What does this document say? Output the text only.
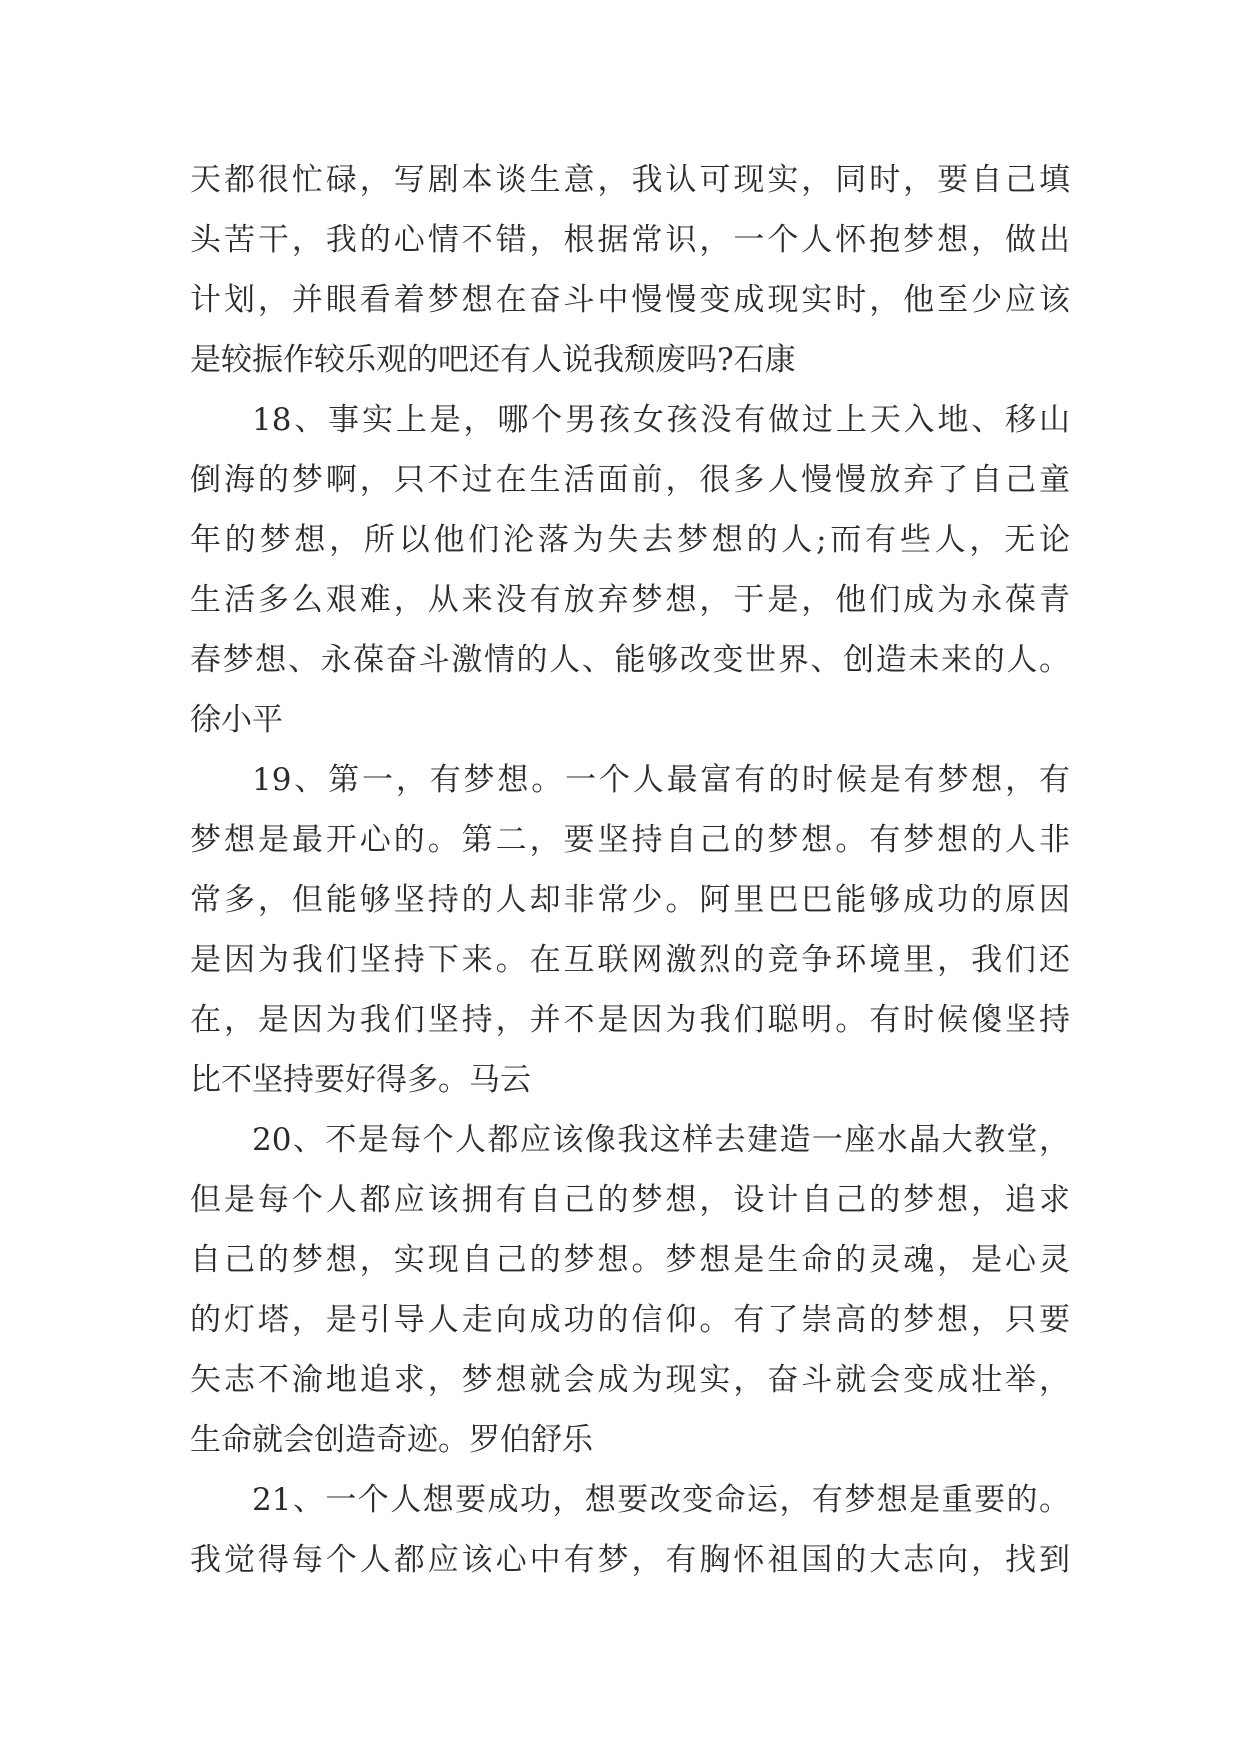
天都很忙碌，写剧本谈生意，我认可现实，同时，要自己填
头苦干，我的心情不错，根据常识，一个人怀抱梦想，做出
计划，并眼看着梦想在奋斗中慢慢变成现实时，他至少应该
是较振作较乐观的吧还有人说我颓废吗?石康
18、事实上是，哪个男孩女孩没有做过上天入地、移山
倒海的梦啊，只不过在生活面前，很多人慢慢放弃了自己童
年的梦想，所以他们沦落为失去梦想的人;而有些人，无论
生活多么艰难，从来没有放弃梦想，于是，他们成为永葆青
春梦想、永葆奋斗激情的人、能够改变世界、创造未来的人。
徐小平
19、第一，有梦想。一个人最富有的时候是有梦想，有
梦想是最开心的。第二，要坚持自己的梦想。有梦想的人非
常多，但能够坚持的人却非常少。阿里巴巴能够成功的原因
是因为我们坚持下来。在互联网激烈的竞争环境里，我们还
在，是因为我们坚持，并不是因为我们聪明。有时候傻坚持
比不坚持要好得多。马云
20、不是每个人都应该像我这样去建造一座水晶大教堂，
但是每个人都应该拥有自己的梦想，设计自己的梦想，追求
自己的梦想，实现自己的梦想。梦想是生命的灵魂，是心灵
的灯塔，是引导人走向成功的信仰。有了崇高的梦想，只要
矢志不渝地追求，梦想就会成为现实，奋斗就会变成壮举，
生命就会创造奇迹。罗伯舒乐
21、一个人想要成功，想要改变命运，有梦想是重要的。
我觉得每个人都应该心中有梦，有胸怀祖国的大志向，找到
